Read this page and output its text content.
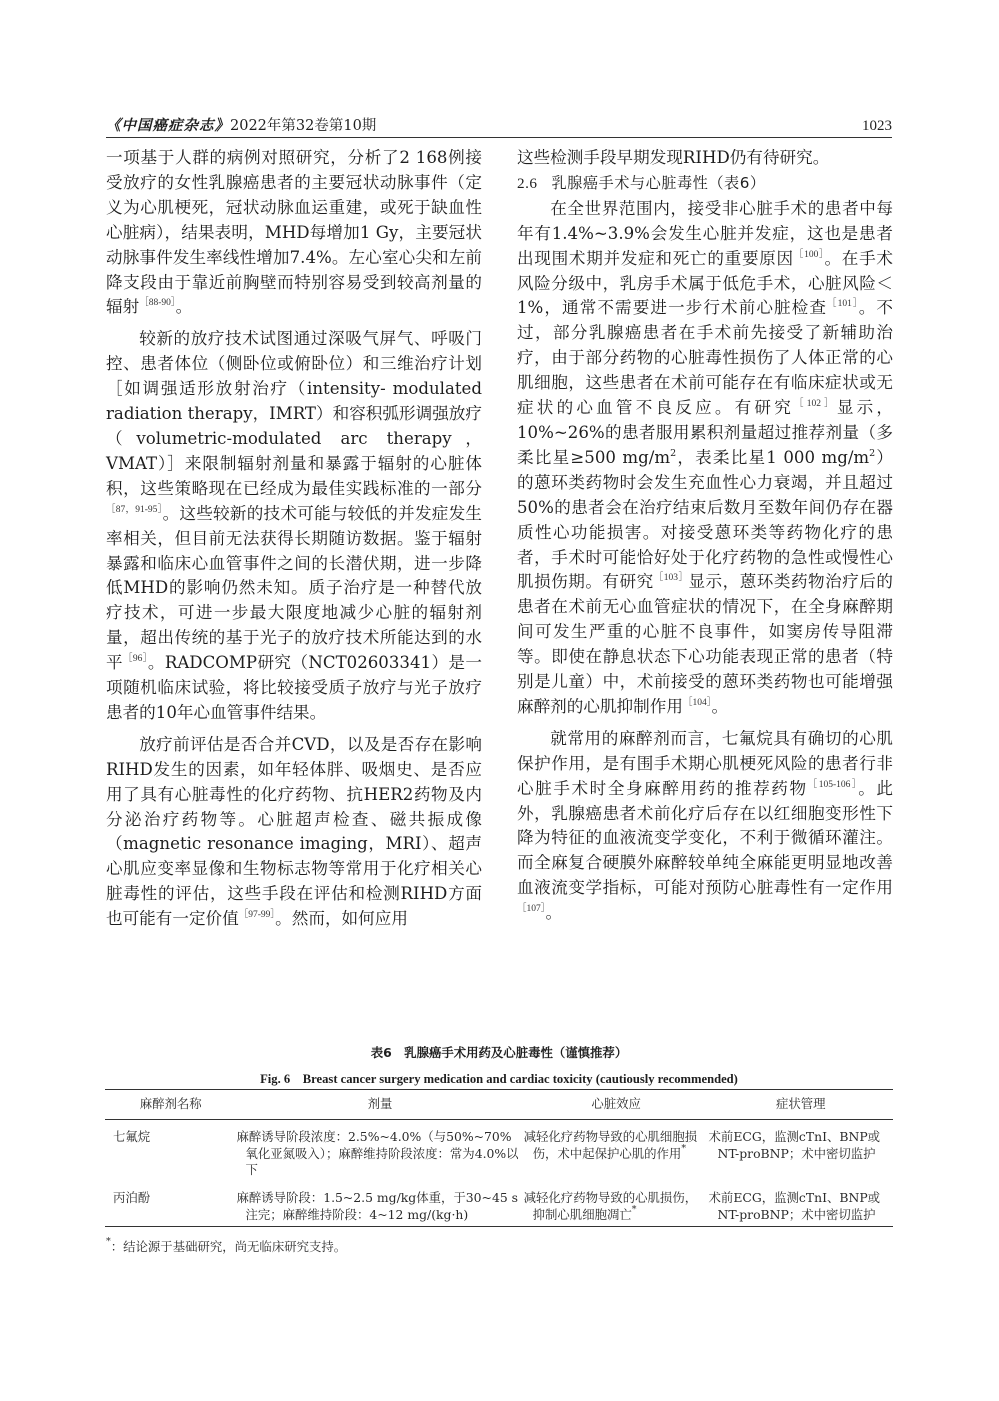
《中国癌症杂志》2022年第32卷第10期	1023

一项基于人群的病例对照研究，分析了2 168例接受放疗的女性乳腺癌患者的主要冠状动脉事件（定义为心肌梗死，冠状动脉血运重建，或死于缺血性心脏病），结果表明，MHD每增加1 Gy，主要冠状动脉事件发生率线性增加7.4%。左心室心尖和左前降支段由于靠近前胸壁而特别容易受到较高剂量的辐射$^{[88-90]}$。

较新的放疗技术试图通过深吸气屏气、呼吸门控、患者体位（侧卧位或俯卧位）和三维治疗计划［如调强适形放射治疗（intensity- modulated radiation therapy，IMRT）和容积弧形调强放疗（volumetric-modulated arc therapy，VMAT）］来限制辐射剂量和暴露于辐射的心脏体积，这些策略现在已经成为最佳实践标准的一部分$^{[87,91-95]}$。这些较新的技术可能与较低的并发症发生率相关，但目前无法获得长期随访数据。鉴于辐射暴露和临床心血管事件之间的长潜伏期，进一步降低MHD的影响仍然未知。质子治疗是一种替代放疗技术，可进一步最大限度地减少心脏的辐射剂量，超出传统的基于光子的放疗技术所能达到的水平$^{[96]}$。RADCOMP研究（NCT02603341）是一项随机临床试验，将比较接受质子放疗与光子放疗患者的10年心血管事件结果。

放疗前评估是否合并CVD，以及是否存在影响RIHD发生的因素，如年轻体胖、吸烟史、是否应用了具有心脏毒性的化疗药物、抗HER2药物及内分泌治疗药物等。心脏超声检查、磁共振成像（magnetic resonance imaging，MRI）、超声心肌应变率显像和生物标志物等常用于化疗相关心脏毒性的评估，这些手段在评估和检测RIHD方面也可能有一定价值$^{[97-99]}$。然而，如何应用

这些检测手段早期发现RIHD仍有待研究。

2.6 乳腺癌手术与心脏毒性（表6）

在全世界范围内，接受非心脏手术的患者中每年有1.4%~3.9%会发生心脏并发症，这也是患者出现围术期并发症和死亡的重要原因$^{[100]}$。在手术风险分级中，乳房手术属于低危手术，心脏风险＜1%，通常不需要进一步行术前心脏检查$^{[101]}$。不过，部分乳腺癌患者在手术前先接受了新辅助治疗，由于部分药物的心脏毒性损伤了人体正常的心肌细胞，这些患者在术前可能存在有临床症状或无症状的心血管不良反应。有研究$^{[102]}$显示，10%~26%的患者服用累积剂量超过推荐剂量（多柔比星≥500 $mg/m^2$，表柔比星1 000 $mg/m^2$）的蒽环类药物时会发生充血性心力衰竭，并且超过50%的患者会在治疗结束后数月至数年间仍存在器质性心功能损害。对接受蒽环类等药物化疗的患者，手术时可能恰好处于化疗药物的急性或慢性心肌损伤期。有研究$^{[103]}$显示，蒽环类药物治疗后的患者在术前无心血管症状的情况下，在全身麻醉期间可发生严重的心脏不良事件，如窦房传导阻滞等。即使在静息状态下心功能表现正常的患者（特别是儿童）中，术前接受的蒽环类药物也可能增强麻醉剂的心肌抑制作用$^{[104]}$。

就常用的麻醉剂而言，七氟烷具有确切的心肌保护作用，是有围手术期心肌梗死风险的患者行非心脏手术时全身麻醉用药的推荐药物$^{[105-106]}$。此外，乳腺癌患者术前化疗后存在以红细胞变形性下降为特征的血液流变学变化，不利于微循环灌注。而全麻复合硬膜外麻醉较单纯全麻能更明显地改善血液流变学指标，可能对预防心脏毒性有一定作用$^{[107]}$。

表6　乳腺癌手术用药及心脏毒性（谨慎推荐）
Fig. 6　Breast cancer surgery medication and cardiac toxicity (cautiously recommended)
麻醉剂名称	剂量	心脏效应	症状管理
七氟烷	麻醉诱导阶段浓度：2.5%~4.0%（与50%~70%氧化亚氮吸入）；麻醉维持阶段浓度：常为4.0%以下	减轻化疗药物导致的心肌细胞损伤，术中起保护心肌的作用*	术前ECG，监测cTnI、BNP或NT-proBNP；术中密切监护

丙泊酚	麻醉诱导阶段：1.5~2.5 mg/kg体重，于30~45 s注完；麻醉维持阶段：4~12 mg/(kg·h)	减轻化疗药物导致的心肌损伤，抑制心肌细胞凋亡*	术前ECG，监测cTnI、BNP或NT-proBNP；术中密切监护
*：结论源于基础研究，尚无临床研究支持。
